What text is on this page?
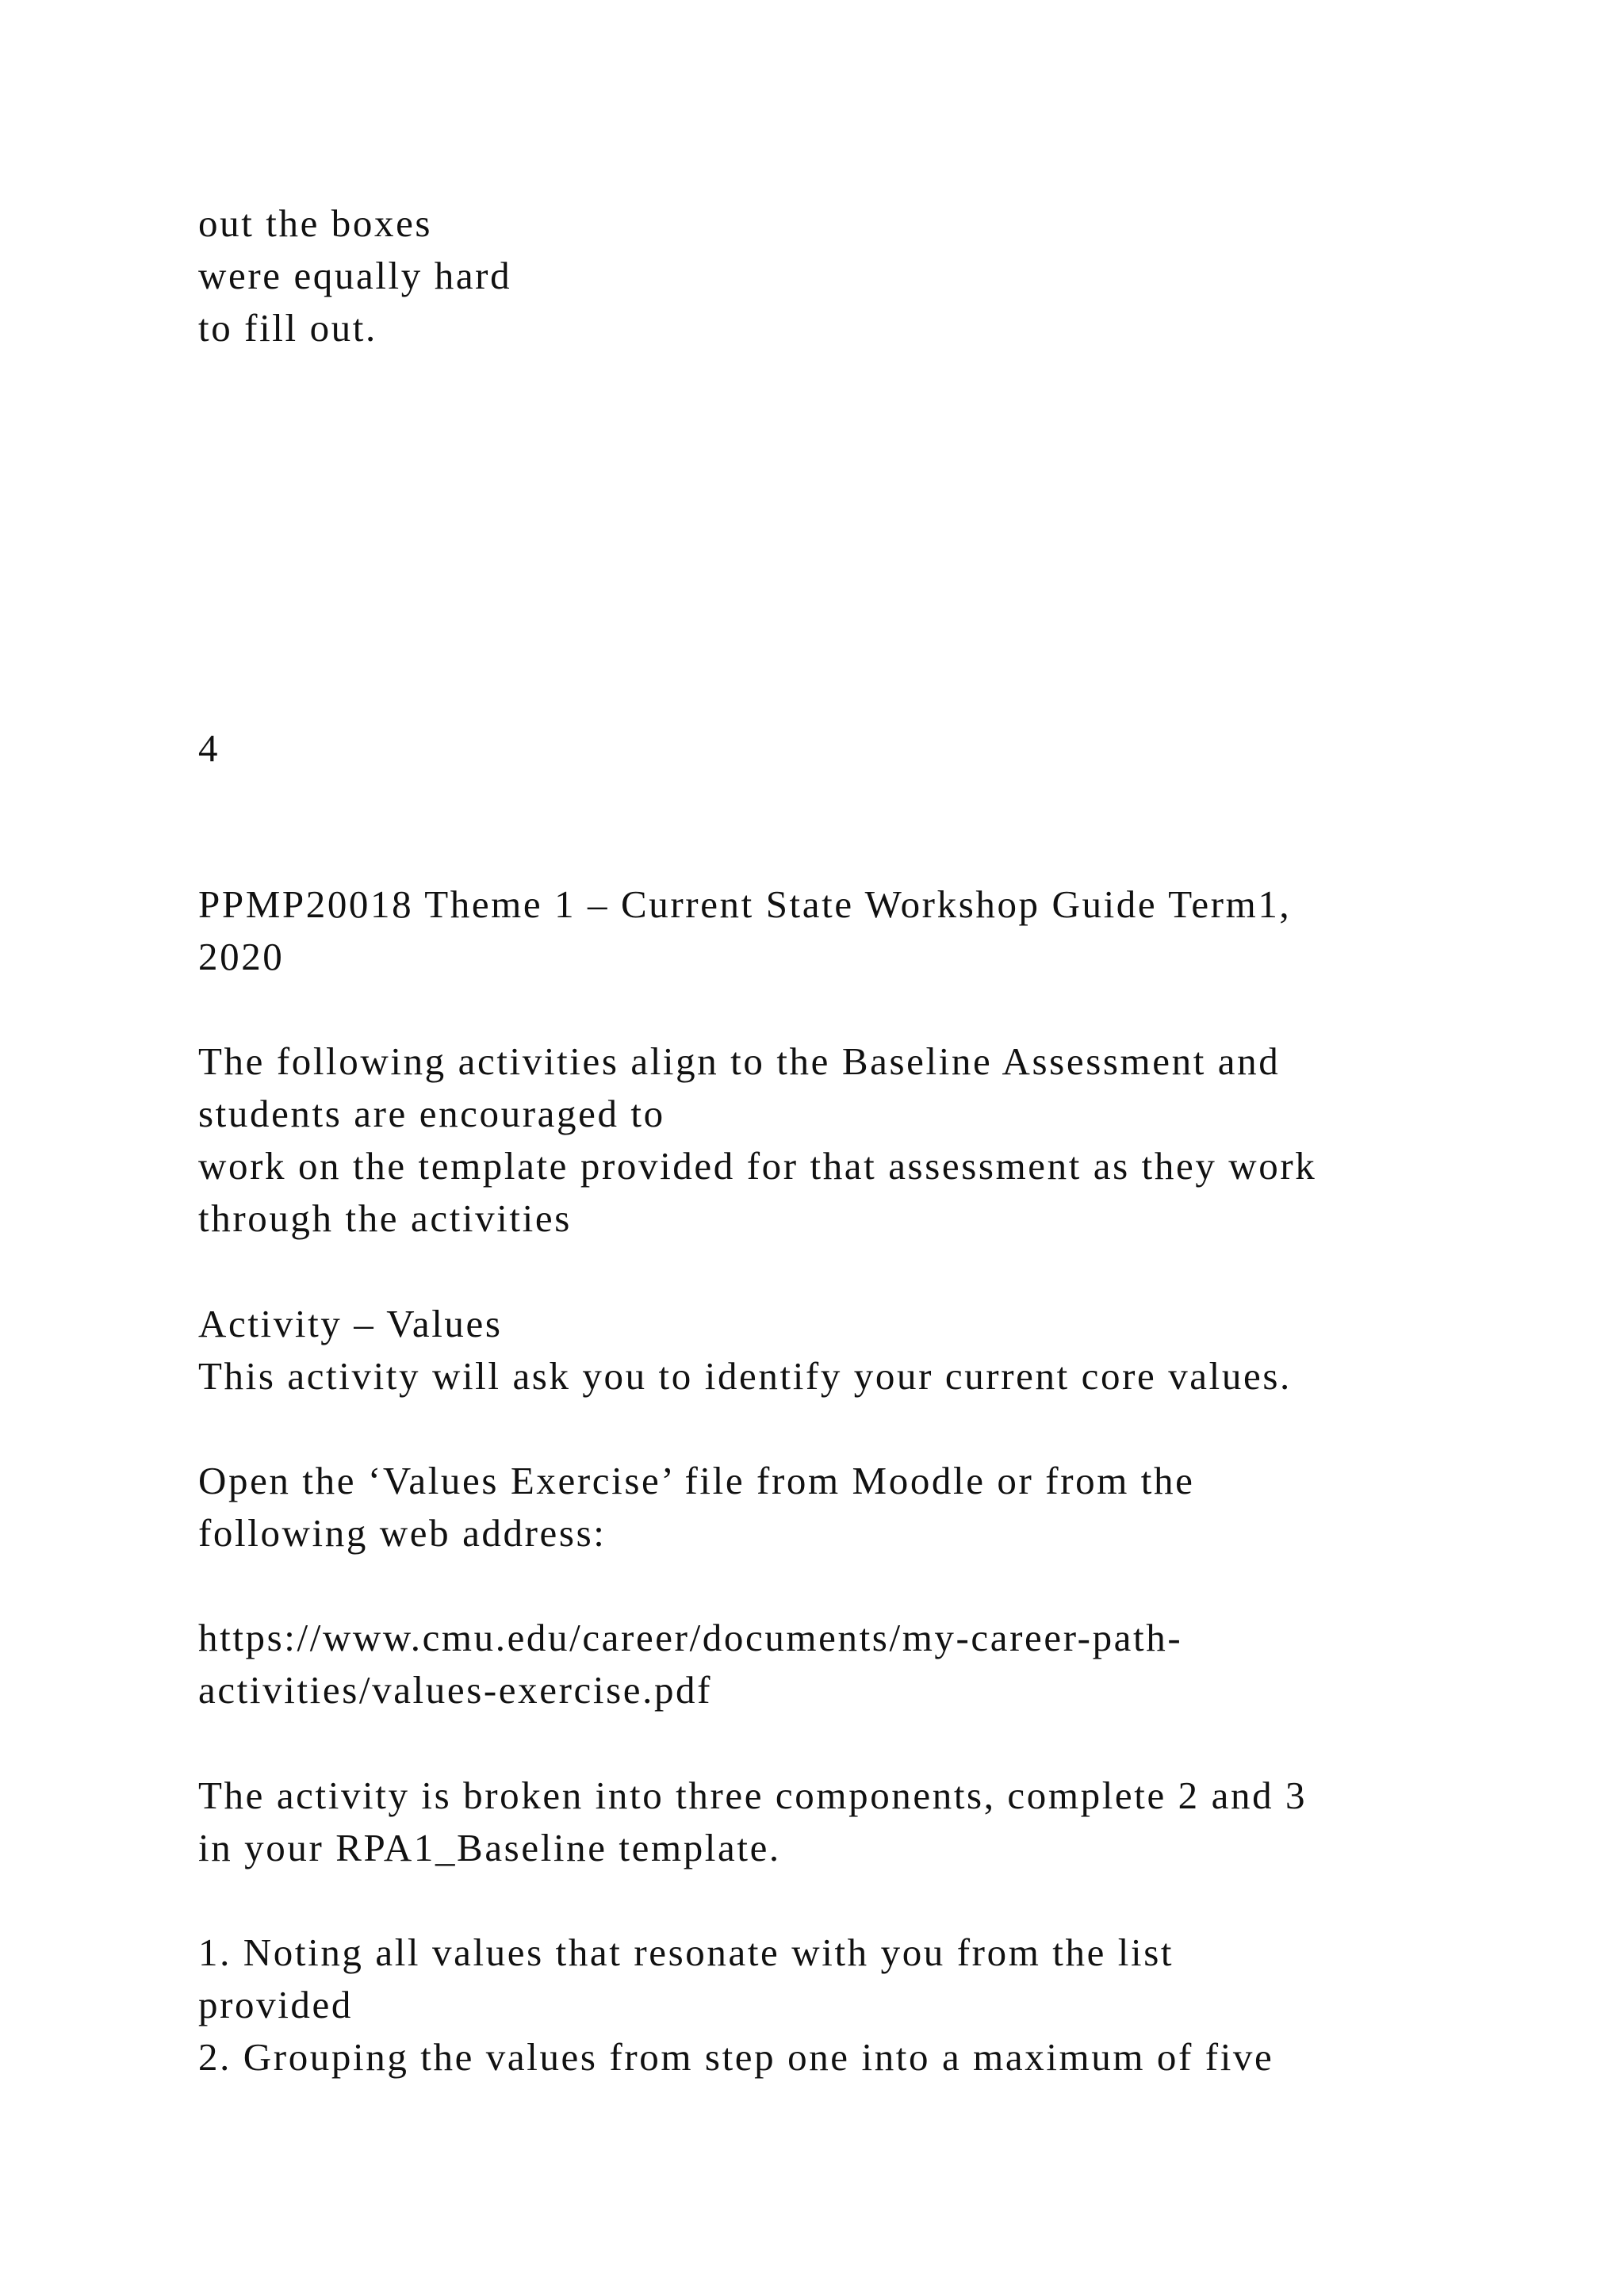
out the boxes
were equally hard
to fill out.
4
PPMP20018 Theme 1 – Current State Workshop Guide Term1,
2020
The following activities align to the Baseline Assessment and
students are encouraged to
work on the template provided for that assessment as they work
through the activities
Activity – Values
This activity will ask you to identify your current core values.
Open the ‘Values Exercise’ file from Moodle or from the
following web address:
https://www.cmu.edu/career/documents/my-career-path-
activities/values-exercise.pdf
The activity is broken into three components, complete 2 and 3
in your RPA1_Baseline template.
1. Noting all values that resonate with you from the list
provided
2. Grouping the values from step one into a maximum of five
